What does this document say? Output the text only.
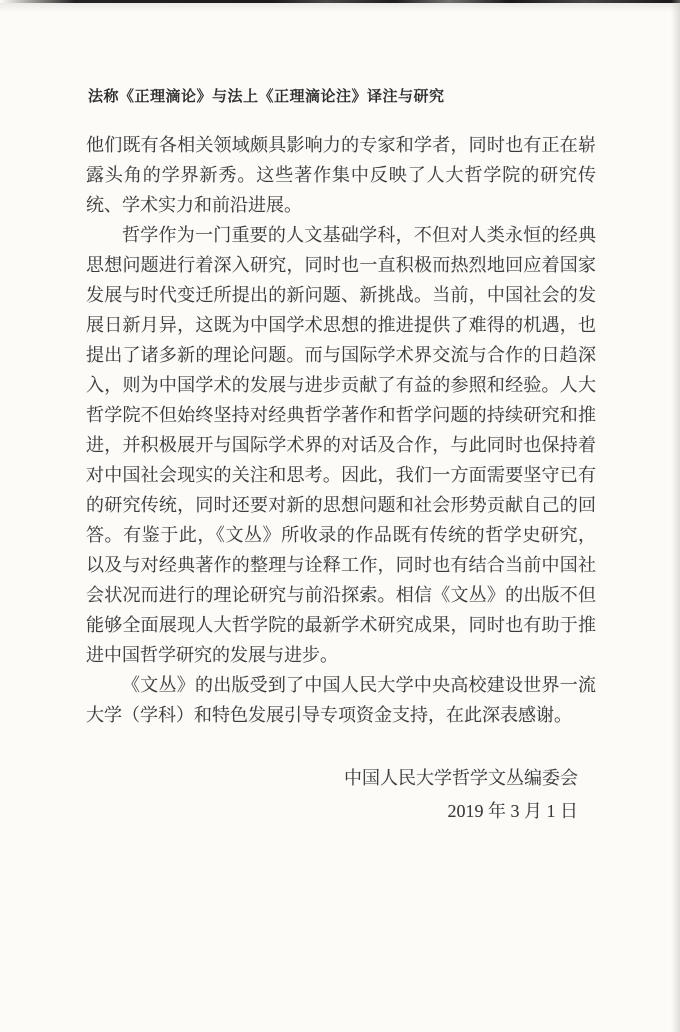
法称《正理滴论》与法上《正理滴论注》译注与研究

他们既有各相关领域颇具影响力的专家和学者，同时也有正在崭露头角的学界新秀。这些著作集中反映了人大哲学院的研究传统、学术实力和前沿进展。

哲学作为一门重要的人文基础学科，不但对人类永恒的经典思想问题进行着深入研究，同时也一直积极而热烈地回应着国家发展与时代变迁所提出的新问题、新挑战。当前，中国社会的发展日新月异，这既为中国学术思想的推进提供了难得的机遇，也提出了诸多新的理论问题。而与国际学术界交流与合作的日趋深入，则为中国学术的发展与进步贡献了有益的参照和经验。人大哲学院不但始终坚持对经典哲学著作和哲学问题的持续研究和推进，并积极展开与国际学术界的对话及合作，与此同时也保持着对中国社会现实的关注和思考。因此，我们一方面需要坚守已有的研究传统，同时还要对新的思想问题和社会形势贡献自己的回答。有鉴于此，《文丛》所收录的作品既有传统的哲学史研究，以及与对经典著作的整理与诠释工作，同时也有结合当前中国社会状况而进行的理论研究与前沿探索。相信《文丛》的出版不但能够全面展现人大哲学院的最新学术研究成果，同时也有助于推进中国哲学研究的发展与进步。

《文丛》的出版受到了中国人民大学中央高校建设世界一流大学（学科）和特色发展引导专项资金支持，在此深表感谢。

中国人民大学哲学文丛编委会
2019 年 3 月 1 日
